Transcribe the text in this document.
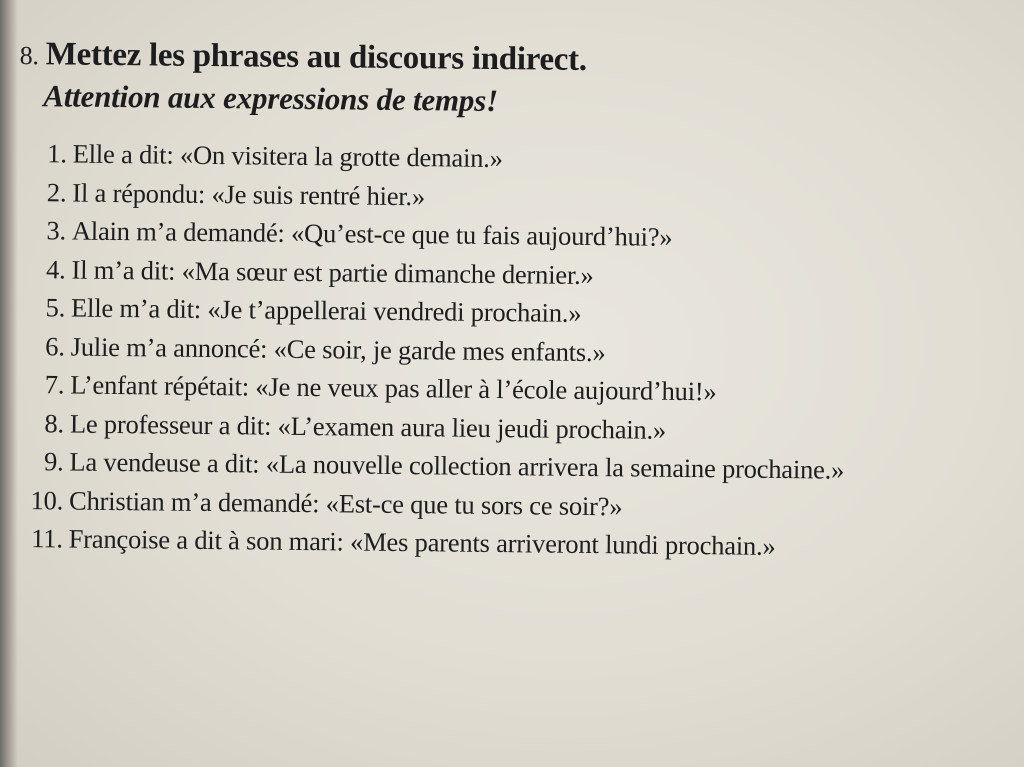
8. Mettez les phrases au discours indirect.
Attention aux expressions de temps!
1. Elle a dit: «On visitera la grotte demain.»
2. Il a répondu: «Je suis rentré hier.»
3. Alain m’a demandé: «Qu’est-ce que tu fais aujourd’hui?»
4. Il m’a dit: «Ma sœur est partie dimanche dernier.»
5. Elle m’a dit: «Je t’appellerai vendredi prochain.»
6. Julie m’a annoncé: «Ce soir, je garde mes enfants.»
7. L’enfant répétait: «Je ne veux pas aller à l’école aujourd’hui!»
8. Le professeur a dit: «L’examen aura lieu jeudi prochain.»
9. La vendeuse a dit: «La nouvelle collection arrivera la semaine prochaine.»
10. Christian m’a demandé: «Est-ce que tu sors ce soir?»
11. Françoise a dit à son mari: «Mes parents arriveront lundi prochain.»
